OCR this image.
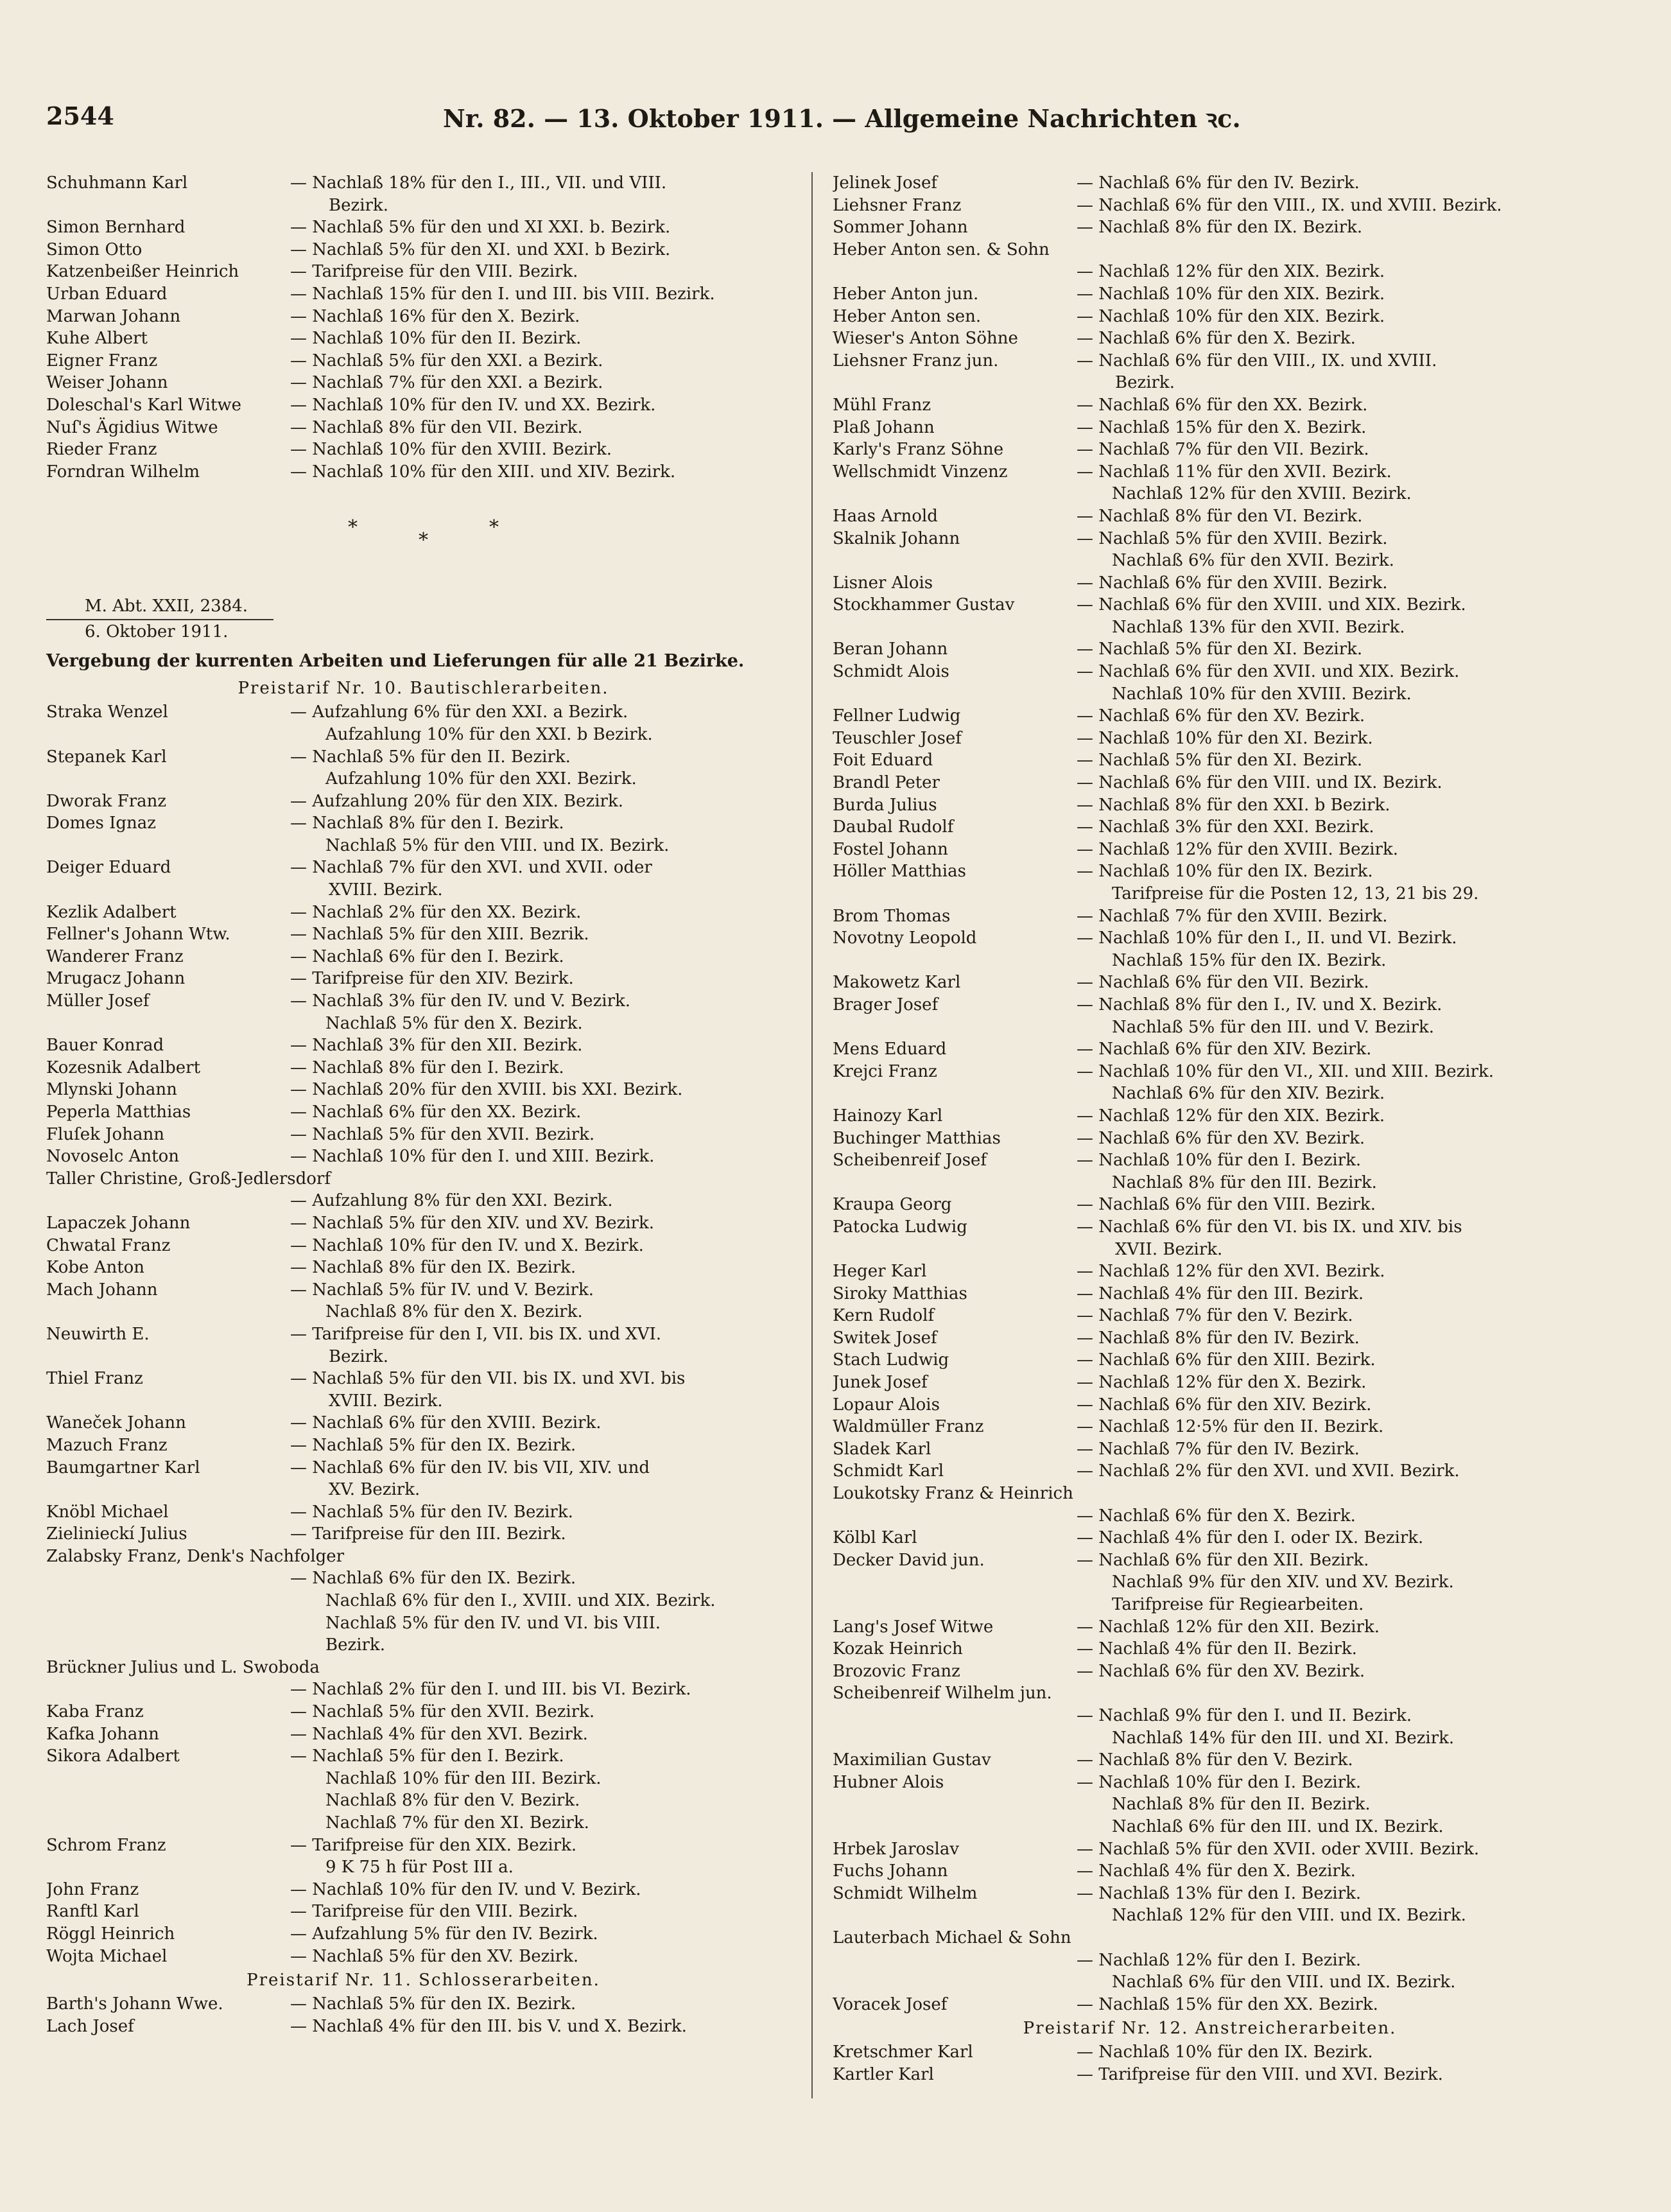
2544	Nr. 82. — 13. Oktober 1911. — Allgemeine Nachrichten ꝛc.
Schuhmann Karl	— Nachlaß 18% für den I., III., VII. und VIII.
Bezirk.
Simon Bernhard	— Nachlaß 5% für den und XI XXI. b. Bezirk.
Simon Otto	— Nachlaß 5% für den XI. und XXI. b Bezirk.
Katzenbeißer Heinrich	— Tarifpreise für den VIII. Bezirk.
Urban Eduard	— Nachlaß 15% für den I. und III. bis VIII. Bezirk.
Marwan Johann	— Nachlaß 16% für den X. Bezirk.
Kuhe Albert	— Nachlaß 10% für den II. Bezirk.
Eigner Franz	— Nachlaß 5% für den XXI. a Bezirk.
Weiser Johann	— Nachlaß 7% für den XXI. a Bezirk.
Doleschal's Karl Witwe	— Nachlaß 10% für den IV. und XX. Bezirk.
Nuſ's Ägidius Witwe	— Nachlaß 8% für den VII. Bezirk.
Rieder Franz	— Nachlaß 10% für den XVIII. Bezirk.
Forndran Wilhelm	— Nachlaß 10% für den XIII. und XIV. Bezirk.
*
*
*
M. Abt. XXII, 2384.
6. Oktober 1911.
Vergebung der kurrenten Arbeiten und Lieferungen für alle 21 Bezirke.
Preistarif Nr. 10. Bautischlerarbeiten.
Straka Wenzel	— Aufzahlung 6% für den XXI. a Bezirk.
Aufzahlung 10% für den XXI. b Bezirk.
Stepanek Karl	— Nachlaß 5% für den II. Bezirk.
Aufzahlung 10% für den XXI. Bezirk.
Dworak Franz	— Aufzahlung 20% für den XIX. Bezirk.
Domes Ignaz	— Nachlaß 8% für den I. Bezirk.
Nachlaß 5% für den VIII. und IX. Bezirk.
Deiger Eduard	— Nachlaß 7% für den XVI. und XVII. oder
XVIII. Bezirk.
Kezlik Adalbert	— Nachlaß 2% für den XX. Bezirk.
Fellner's Johann Wtw.	— Nachlaß 5% für den XIII. Bezrik.
Wanderer Franz	— Nachlaß 6% für den I. Bezirk.
Mrugacz Johann	— Tarifpreise für den XIV. Bezirk.
Müller Josef	— Nachlaß 3% für den IV. und V. Bezirk.
Nachlaß 5% für den X. Bezirk.
Bauer Konrad	— Nachlaß 3% für den XII. Bezirk.
Kozesnik Adalbert	— Nachlaß 8% für den I. Bezirk.
Mlynski Johann	— Nachlaß 20% für den XVIII. bis XXI. Bezirk.
Peperla Matthias	— Nachlaß 6% für den XX. Bezirk.
Fluſek Johann	— Nachlaß 5% für den XVII. Bezirk.
Novoselc Anton	— Nachlaß 10% für den I. und XIII. Bezirk.
Taller Christine, Groß-Jedlersdorf
— Aufzahlung 8% für den XXI. Bezirk.
Lapaczek Johann	— Nachlaß 5% für den XIV. und XV. Bezirk.
Chwatal Franz	— Nachlaß 10% für den IV. und X. Bezirk.
Kobe Anton	— Nachlaß 8% für den IX. Bezirk.
Mach Johann	— Nachlaß 5% für IV. und V. Bezirk.
Nachlaß 8% für den X. Bezirk.
Neuwirth E.	— Tarifpreise für den I, VII. bis IX. und XVI.
Bezirk.
Thiel Franz	— Nachlaß 5% für den VII. bis IX. und XVI. bis
XVIII. Bezirk.
Waneček Johann	— Nachlaß 6% für den XVIII. Bezirk.
Mazuch Franz	— Nachlaß 5% für den IX. Bezirk.
Baumgartner Karl	— Nachlaß 6% für den IV. bis VII, XIV. und
XV. Bezirk.
Knöbl Michael	— Nachlaß 5% für den IV. Bezirk.
Zielinieckí Julius	— Tarifpreise für den III. Bezirk.
Zalabsky Franz, Denk's Nachfolger
— Nachlaß 6% für den IX. Bezirk.
Nachlaß 6% für den I., XVIII. und XIX. Bezirk.
Nachlaß 5% für den IV. und VI. bis VIII.
Bezirk.
Brückner Julius und L. Swoboda
— Nachlaß 2% für den I. und III. bis VI. Bezirk.
Kaba Franz	— Nachlaß 5% für den XVII. Bezirk.
Kafka Johann	— Nachlaß 4% für den XVI. Bezirk.
Sikora Adalbert	— Nachlaß 5% für den I. Bezirk.
Nachlaß 10% für den III. Bezirk.
Nachlaß 8% für den V. Bezirk.
Nachlaß 7% für den XI. Bezirk.
Schrom Franz	— Tarifpreise für den XIX. Bezirk.
9 K 75 h für Post III a.
John Franz	— Nachlaß 10% für den IV. und V. Bezirk.
Ranftl Karl	— Tarifpreise für den VIII. Bezirk.
Röggl Heinrich	— Aufzahlung 5% für den IV. Bezirk.
Wojta Michael	— Nachlaß 5% für den XV. Bezirk.
Preistarif Nr. 11. Schlosserarbeiten.
Barth's Johann Wwe.	— Nachlaß 5% für den IX. Bezirk.
Lach Josef	— Nachlaß 4% für den III. bis V. und X. Bezirk.
Jelinek Josef	— Nachlaß 6% für den IV. Bezirk.
Liehsner Franz	— Nachlaß 6% für den VIII., IX. und XVIII. Bezirk.
Sommer Johann	— Nachlaß 8% für den IX. Bezirk.
Heber Anton sen. & Sohn
— Nachlaß 12% für den XIX. Bezirk.
Heber Anton jun.	— Nachlaß 10% für den XIX. Bezirk.
Heber Anton sen.	— Nachlaß 10% für den XIX. Bezirk.
Wieser's Anton Söhne	— Nachlaß 6% für den X. Bezirk.
Liehsner Franz jun.	— Nachlaß 6% für den VIII., IX. und XVIII.
Bezirk.
Mühl Franz	— Nachlaß 6% für den XX. Bezirk.
Plaß Johann	— Nachlaß 15% für den X. Bezirk.
Karly's Franz Söhne	— Nachlaß 7% für den VII. Bezirk.
Wellschmidt Vinzenz	— Nachlaß 11% für den XVII. Bezirk.
Nachlaß 12% für den XVIII. Bezirk.
Haas Arnold	— Nachlaß 8% für den VI. Bezirk.
Skalnik Johann	— Nachlaß 5% für den XVIII. Bezirk.
Nachlaß 6% für den XVII. Bezirk.
Lisner Alois	— Nachlaß 6% für den XVIII. Bezirk.
Stockhammer Gustav	— Nachlaß 6% für den XVIII. und XIX. Bezirk.
Nachlaß 13% für den XVII. Bezirk.
Beran Johann	— Nachlaß 5% für den XI. Bezirk.
Schmidt Alois	— Nachlaß 6% für den XVII. und XIX. Bezirk.
Nachlaß 10% für den XVIII. Bezirk.
Fellner Ludwig	— Nachlaß 6% für den XV. Bezirk.
Teuschler Josef	— Nachlaß 10% für den XI. Bezirk.
Foit Eduard	— Nachlaß 5% für den XI. Bezirk.
Brandl Peter	— Nachlaß 6% für den VIII. und IX. Bezirk.
Burda Julius	— Nachlaß 8% für den XXI. b Bezirk.
Daubal Rudolf	— Nachlaß 3% für den XXI. Bezirk.
Fostel Johann	— Nachlaß 12% für den XVIII. Bezirk.
Höller Matthias	— Nachlaß 10% für den IX. Bezirk.
Tarifpreise für die Posten 12, 13, 21 bis 29.
Brom Thomas	— Nachlaß 7% für den XVIII. Bezirk.
Novotny Leopold	— Nachlaß 10% für den I., II. und VI. Bezirk.
Nachlaß 15% für den IX. Bezirk.
Makowetz Karl	— Nachlaß 6% für den VII. Bezirk.
Brager Josef	— Nachlaß 8% für den I., IV. und X. Bezirk.
Nachlaß 5% für den III. und V. Bezirk.
Mens Eduard	— Nachlaß 6% für den XIV. Bezirk.
Krejci Franz	— Nachlaß 10% für den VI., XII. und XIII. Bezirk.
Nachlaß 6% für den XIV. Bezirk.
Hainozy Karl	— Nachlaß 12% für den XIX. Bezirk.
Buchinger Matthias	— Nachlaß 6% für den XV. Bezirk.
Scheibenreif Josef	— Nachlaß 10% für den I. Bezirk.
Nachlaß 8% für den III. Bezirk.
Kraupa Georg	— Nachlaß 6% für den VIII. Bezirk.
Patocka Ludwig	— Nachlaß 6% für den VI. bis IX. und XIV. bis
XVII. Bezirk.
Heger Karl	— Nachlaß 12% für den XVI. Bezirk.
Siroky Matthias	— Nachlaß 4% für den III. Bezirk.
Kern Rudolf	— Nachlaß 7% für den V. Bezirk.
Switek Josef	— Nachlaß 8% für den IV. Bezirk.
Stach Ludwig	— Nachlaß 6% für den XIII. Bezirk.
Junek Josef	— Nachlaß 12% für den X. Bezirk.
Lopaur Alois	— Nachlaß 6% für den XIV. Bezirk.
Waldmüller Franz	— Nachlaß 12·5% für den II. Bezirk.
Sladek Karl	— Nachlaß 7% für den IV. Bezirk.
Schmidt Karl	— Nachlaß 2% für den XVI. und XVII. Bezirk.
Loukotsky Franz & Heinrich
— Nachlaß 6% für den X. Bezirk.
Kölbl Karl	— Nachlaß 4% für den I. oder IX. Bezirk.
Decker David jun.	— Nachlaß 6% für den XII. Bezirk.
Nachlaß 9% für den XIV. und XV. Bezirk.
Tarifpreise für Regiearbeiten.
Lang's Josef Witwe	— Nachlaß 12% für den XII. Bezirk.
Kozak Heinrich	— Nachlaß 4% für den II. Bezirk.
Brozovic Franz	— Nachlaß 6% für den XV. Bezirk.
Scheibenreif Wilhelm jun.
— Nachlaß 9% für den I. und II. Bezirk.
Nachlaß 14% für den III. und XI. Bezirk.
Maximilian Gustav	— Nachlaß 8% für den V. Bezirk.
Hubner Alois	— Nachlaß 10% für den I. Bezirk.
Nachlaß 8% für den II. Bezirk.
Nachlaß 6% für den III. und IX. Bezirk.
Hrbek Jaroslav	— Nachlaß 5% für den XVII. oder XVIII. Bezirk.
Fuchs Johann	— Nachlaß 4% für den X. Bezirk.
Schmidt Wilhelm	— Nachlaß 13% für den I. Bezirk.
Nachlaß 12% für den VIII. und IX. Bezirk.
Lauterbach Michael & Sohn
— Nachlaß 12% für den I. Bezirk.
Nachlaß 6% für den VIII. und IX. Bezirk.
Voracek Josef	— Nachlaß 15% für den XX. Bezirk.
Preistarif Nr. 12. Anstreicherarbeiten.
Kretschmer Karl	— Nachlaß 10% für den IX. Bezirk.
Kartler Karl	— Tarifpreise für den VIII. und XVI. Bezirk.
